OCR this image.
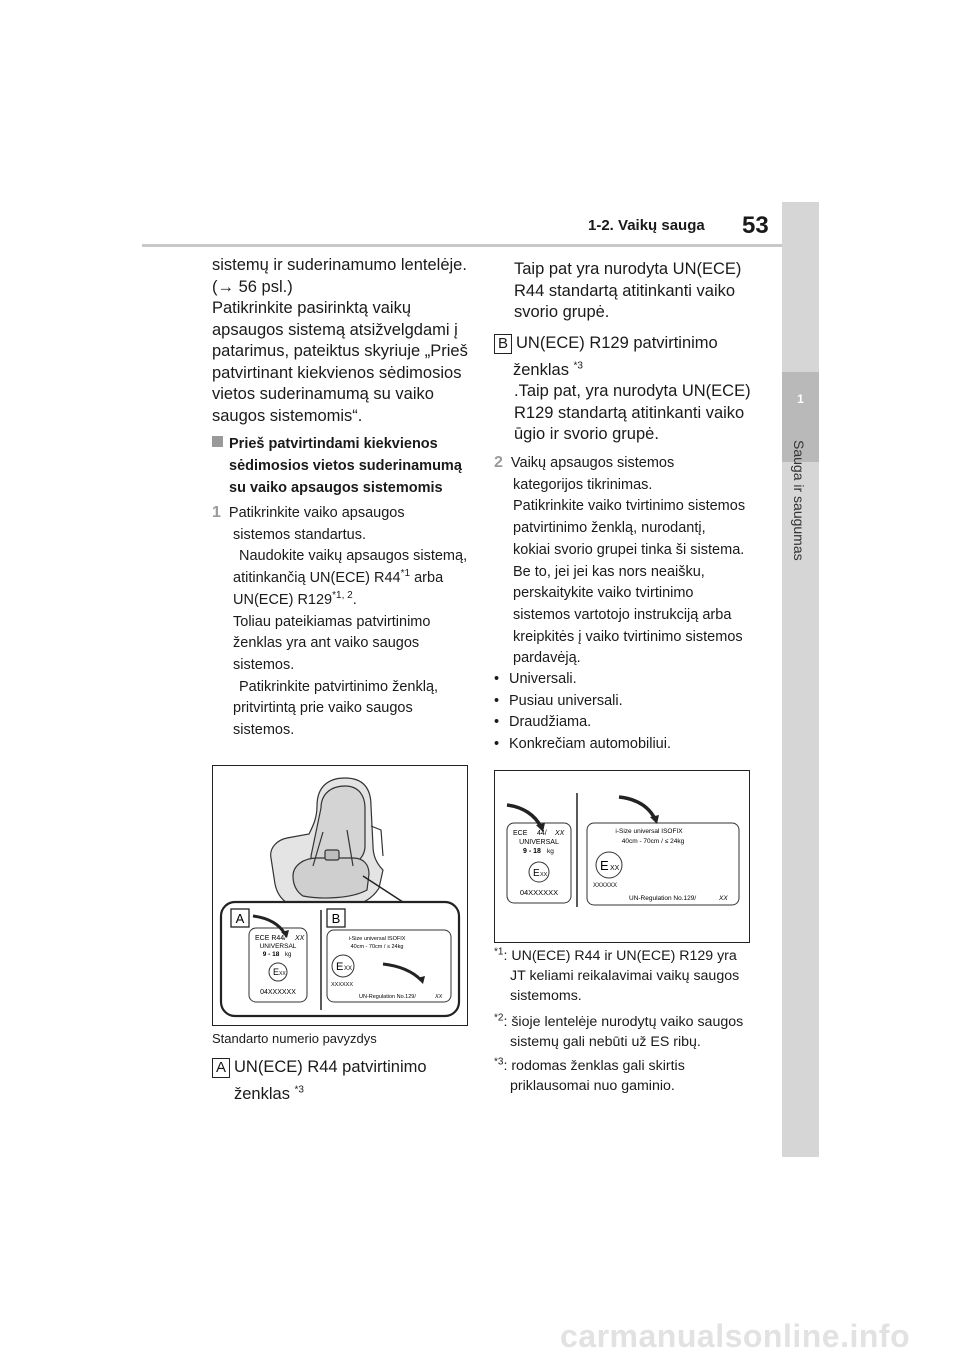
1-2. Vaikų sauga 53
1
Sauga ir saugumas
sistemų ir suderinamumo lentelėje.
(→ 56 psl.)
Patikrinkite pasirinktą vaikų
apsaugos sistemą atsižvelgdami į
patarimus, pateiktus skyriuje „Prieš
patvirtinant kiekvienos sėdimosios
vietos suderinamumą su vaiko
saugos sistemomis“.
Prieš patvirtindami kiekvienos
sėdimosios vietos suderinamumą
su vaiko apsaugos sistemomis
1 Patikrinkite vaiko apsaugos
sistemos standartus.
Naudokite vaikų apsaugos sistemą,
atitinkančią UN(ECE) R44$^{*1}$ arba
UN(ECE) R129$^{*1, 2}$.
Toliau pateikiamas patvirtinimo
ženklas yra ant vaiko saugos
sistemos.
Patikrinkite patvirtinimo ženklą,
pritvirtintą prie vaiko saugos
sistemos.
A	B
ECE R44/ XX
UNIVERSAL
9 - 18 kg
E XX
04XXXXXX
i-Size universal ISOFIX
40cm - 70cm / ≤ 24kg
E XX
XXXXXX
UN-Regulation No.129/	XX
Standarto numerio pavyzdys
A UN(ECE) R44 patvirtinimo
ženklas $^{*3}$
Taip pat yra nurodyta UN(ECE)
R44 standartą atitinkanti vaiko
svorio grupė.
B UN(ECE) R129 patvirtinimo
ženklas $^{*3}$
.Taip pat, yra nurodyta UN(ECE)
R129 standartą atitinkanti vaiko
ūgio ir svorio grupė.
2 Vaikų apsaugos sistemos
kategorijos tikrinimas.
Patikrinkite vaiko tvirtinimo sistemos
patvirtinimo ženklą, nurodantį,
kokiai svorio grupei tinka ši sistema.
Be to, jei jei kas nors neaišku,
perskaitykite vaiko tvirtinimo
sistemos vartotojo instrukciją arba
kreipkitės į vaiko tvirtinimo sistemos
pardavėją.
• Universali.
• Pusiau universali.
• Draudžiama.
• Konkrečiam automobiliui.
ECE 44/ XX
UNIVERSAL
9 - 18 kg
E XX
04XXXXXX
i-Size universal ISOFIX
40cm - 70cm / ≤ 24kg
E XX
XXXXXX
UN-Regulation No.129/	XX
$^{*1}$: UN(ECE) R44 ir UN(ECE) R129 yra
JT keliami reikalavimai vaikų saugos
sistemoms.
$^{*2}$: šioje lentelėje nurodytų vaiko saugos
sistemų gali nebūti už ES ribų.
$^{*3}$: rodomas ženklas gali skirtis
priklausomai nuo gaminio.
carmanualsonline.info
